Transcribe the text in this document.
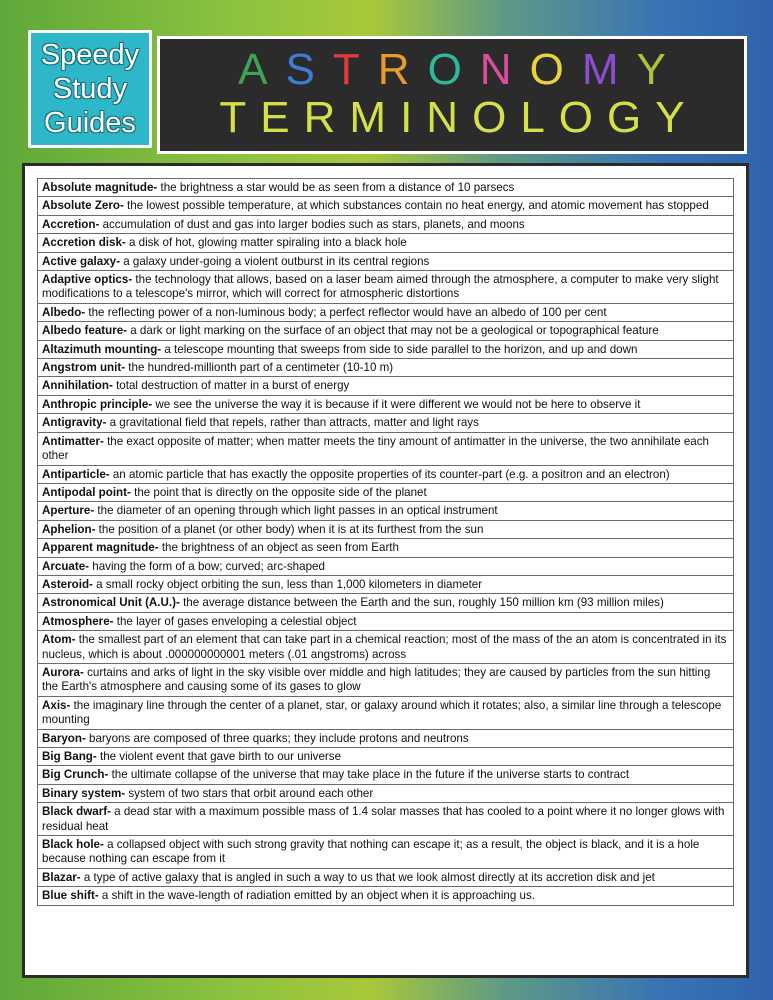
Speedy
Study
Guides
A S T R O N O M Y
T E R M I N O L O G Y
Absolute magnitude- the brightness a star would be as seen from a distance of 10 parsecs
Absolute Zero- the lowest possible temperature, at which substances contain no heat energy, and atomic movement has stopped
Accretion- accumulation of dust and gas into larger bodies such as stars, planets, and moons
Accretion disk- a disk of hot, glowing matter spiraling into a black hole
Active galaxy- a galaxy under-going a violent outburst in its central regions
Adaptive optics- the technology that allows, based on a laser beam aimed through the atmosphere, a computer to make very slight modifications to a telescope's mirror, which will correct for atmospheric distortions
Albedo- the reflecting power of a non-luminous body; a perfect reflector would have an albedo of 100 per cent
Albedo feature- a dark or light marking on the surface of an object that may not be a geological or topographical feature
Altazimuth mounting- a telescope mounting that sweeps from side to side parallel to the horizon, and up and down
Angstrom unit- the hundred-millionth part of a centimeter (10-10 m)
Annihilation- total destruction of matter in a burst of energy
Anthropic principle- we see the universe the way it is because if it were different we would not be here to observe it
Antigravity- a gravitational field that repels, rather than attracts, matter and light rays
Antimatter- the exact opposite of matter; when matter meets the tiny amount of antimatter in the universe, the two annihilate each other
Antiparticle- an atomic particle that has exactly the opposite properties of its counter-part (e.g. a positron and an electron)
Antipodal point- the point that is directly on the opposite side of the planet
Aperture- the diameter of an opening through which light passes in an optical instrument
Aphelion- the position of a planet (or other body) when it is at its furthest from the sun
Apparent magnitude- the brightness of an object as seen from Earth
Arcuate- having the form of a bow; curved; arc-shaped
Asteroid- a small rocky object orbiting the sun, less than 1,000 kilometers in diameter
Astronomical Unit (A.U.)- the average distance between the Earth and the sun, roughly 150 million km (93 million miles)
Atmosphere- the layer of gases enveloping a celestial object
Atom- the smallest part of an element that can take part in a chemical reaction; most of the mass of the an atom is concentrated in its nucleus, which is about .000000000001 meters (.01 angstroms) across
Aurora- curtains and arks of light in the sky visible over middle and high latitudes; they are caused by particles from the sun hitting the Earth's atmosphere and causing some of its gases to glow
Axis- the imaginary line through the center of a planet, star, or galaxy around which it rotates; also, a similar line through a telescope mounting
Baryon- baryons are composed of three quarks; they include protons and neutrons
Big Bang- the violent event that gave birth to our universe
Big Crunch- the ultimate collapse of the universe that may take place in the future if the universe starts to contract
Binary system- system of two stars that orbit around each other
Black dwarf- a dead star with a maximum possible mass of 1.4 solar masses that has cooled to a point where it no longer glows with residual heat
Black hole- a collapsed object with such strong gravity that nothing can escape it; as a result, the object is black, and it is a hole because nothing can escape from it
Blazar- a type of active galaxy that is angled in such a way to us that we look almost directly at its accretion disk and jet
Blue shift- a shift in the wave-length of radiation emitted by an object when it is approaching us.
